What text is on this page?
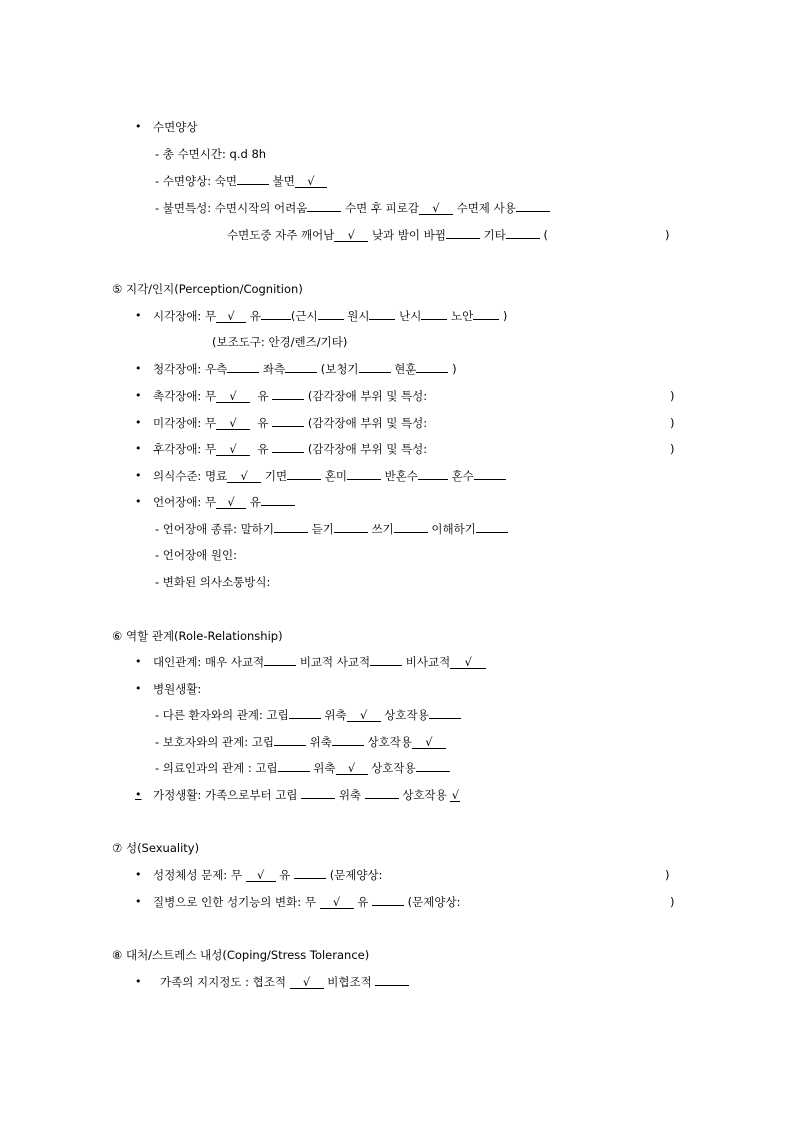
• 수면양상
- 총 수면시간: q.d 8h
- 수면양상: 숙면	불면 √
- 불면특성: 수면시작의 어려움	수면 후 피로감 √ 수면제 사용
수면도중 자주 깨어남 √ 낮과 밤이 바뀜	기타	(	)
⑤ 지각/인지(Perception/Cognition)
• 시각장애: 무 √ 유	(근시	원시	난시	노안	)
(보조도구: 안경/렌즈/기타)
• 청각장애: 우측	좌측	(보청기	현훈	)
• 촉각장애: 무 √ 유	(감각장애 부위 및 특성:	)
• 미각장애: 무 √ 유	(감각장애 부위 및 특성:	)
• 후각장애: 무 √ 유	(감각장애 부위 및 특성:	)
• 의식수준: 명료 √ 기면	혼미	반혼수	혼수
• 언어장애: 무 √ 유
- 언어장애 종류: 말하기	듣기	쓰기	이해하기
- 언어장애 원인:
- 변화된 의사소통방식:
⑥ 역할 관계(Role-Relationship)
• 대인관계: 매우 사교적	비교적 사교적	비사교적 √
• 병원생활:
- 다른 환자와의 관계: 고립	위축 √ 상호작용
- 보호자와의 관계: 고립	위축	상호작용 √
- 의료인과의 관계 : 고립	위축 √ 상호작용
• 가정생활: 가족으로부터 고립	위축	상호작용 √
⑦ 성(Sexuality)
• 성정체성 문제: 무 √ 유	(문제양상:	)
• 질병으로 인한 성기능의 변화: 무 √ 유	(문제양상:	)
⑧ 대처/스트레스 내성(Coping/Stress Tolerance)
• 가족의 지지정도 : 협조적 √ 비협조적
